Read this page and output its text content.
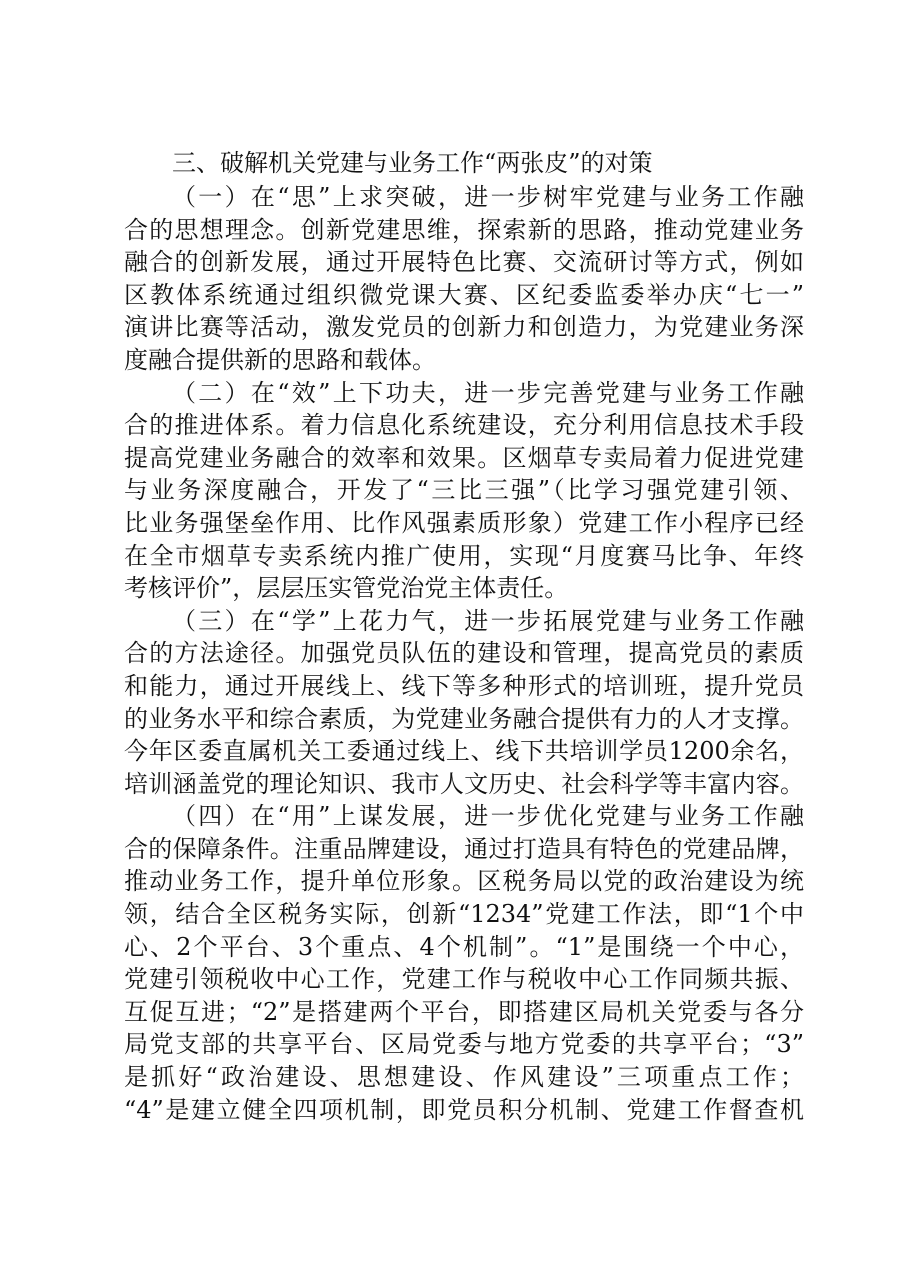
三、破解机关党建与业务工作“两张皮”的对策
（一）在“思”上求突破，进一步树牢党建与业务工作融
合的思想理念。创新党建思维，探索新的思路，推动党建业务
融合的创新发展，通过开展特色比赛、交流研讨等方式，例如
区教体系统通过组织微党课大赛、区纪委监委举办庆“七一”
演讲比赛等活动，激发党员的创新力和创造力，为党建业务深
度融合提供新的思路和载体。
（二）在“效”上下功夫，进一步完善党建与业务工作融
合的推进体系。着力信息化系统建设，充分利用信息技术手段
提高党建业务融合的效率和效果。区烟草专卖局着力促进党建
与业务深度融合，开发了“三比三强”（比学习强党建引领、
比业务强堡垒作用、比作风强素质形象）党建工作小程序已经
在全市烟草专卖系统内推广使用，实现“月度赛马比争、年终
考核评价”，层层压实管党治党主体责任。
（三）在“学”上花力气，进一步拓展党建与业务工作融
合的方法途径。加强党员队伍的建设和管理，提高党员的素质
和能力，通过开展线上、线下等多种形式的培训班，提升党员
的业务水平和综合素质，为党建业务融合提供有力的人才支撑。
今年区委直属机关工委通过线上、线下共培训学员1200余名，
培训涵盖党的理论知识、我市人文历史、社会科学等丰富内容。
（四）在“用”上谋发展，进一步优化党建与业务工作融
合的保障条件。注重品牌建设，通过打造具有特色的党建品牌，
推动业务工作，提升单位形象。区税务局以党的政治建设为统
领，结合全区税务实际，创新“1234”党建工作法，即“1个中
心、2个平台、3个重点、4个机制”。“1”是围绕一个中心，
党建引领税收中心工作，党建工作与税收中心工作同频共振、
互促互进；“2”是搭建两个平台，即搭建区局机关党委与各分
局党支部的共享平台、区局党委与地方党委的共享平台；“3”
是抓好“政治建设、思想建设、作风建设”三项重点工作；
“4”是建立健全四项机制，即党员积分机制、党建工作督查机
